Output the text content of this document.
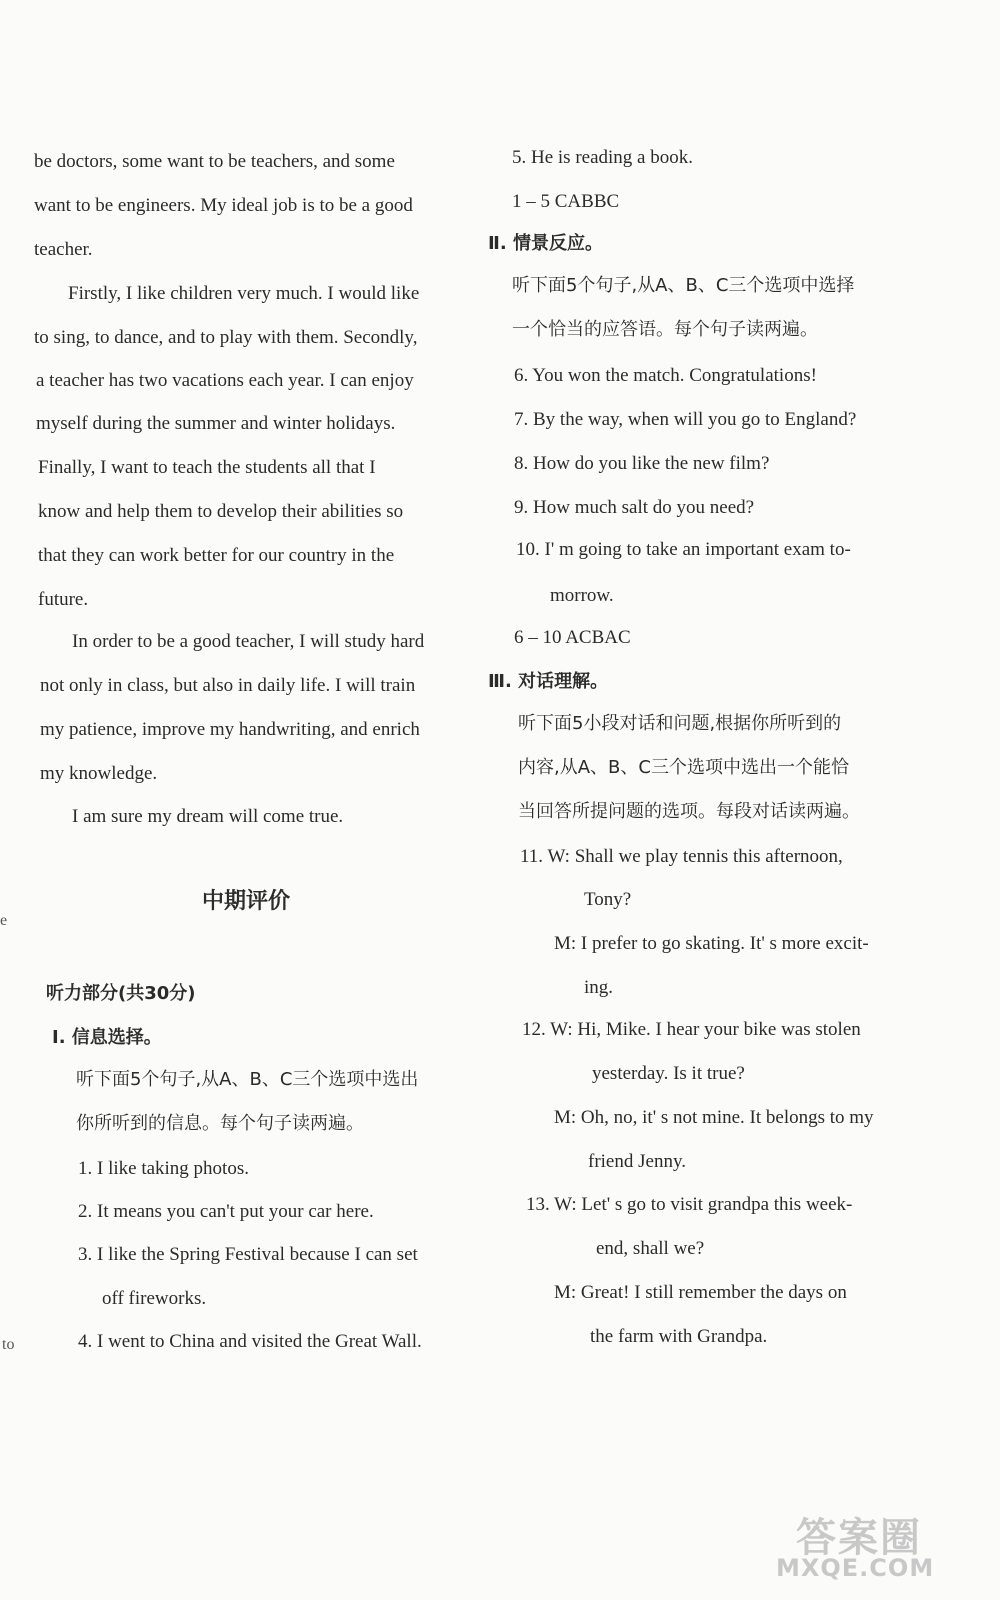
e
to
be doctors, some want to be teachers, and some
want to be engineers. My ideal job is to be a good
teacher.
Firstly, I like children very much. I would like
to sing, to dance, and to play with them. Secondly,
a teacher has two vacations each year. I can enjoy
myself during the summer and winter holidays.
Finally, I want to teach the students all that I
know and help them to develop their abilities so
that they can work better for our country in the
future.
In order to be a good teacher, I will study hard
not only in class, but also in daily life. I will train
my patience, improve my handwriting, and enrich
my knowledge.
I am sure my dream will come true.
中期评价
听力部分(共30分)
Ⅰ. 信息选择。
听下面5个句子,从A、B、C三个选项中选出
你所听到的信息。每个句子读两遍。
1. I like taking photos.
2. It means you can't put your car here.
3. I like the Spring Festival because I can set
off fireworks.
4. I went to China and visited the Great Wall.
5. He is reading a book.
1 – 5 CABBC
Ⅱ. 情景反应。
听下面5个句子,从A、B、C三个选项中选择
一个恰当的应答语。每个句子读两遍。
6. You won the match. Congratulations!
7. By the way, when will you go to England?
8. How do you like the new film?
9. How much salt do you need?
10. I' m going to take an important exam to-
morrow.
6 – 10 ACBAC
Ⅲ. 对话理解。
听下面5小段对话和问题,根据你所听到的
内容,从A、B、C三个选项中选出一个能恰
当回答所提问题的选项。每段对话读两遍。
11. W: Shall we play tennis this afternoon,
Tony?
M: I prefer to go skating. It' s more excit-
ing.
12. W: Hi, Mike. I hear your bike was stolen
yesterday. Is it true?
M: Oh, no, it' s not mine. It belongs to my
friend Jenny.
13. W: Let' s go to visit grandpa this week-
end, shall we?
M: Great! I still remember the days on
the farm with Grandpa.
答案圈
MXQE.COM
